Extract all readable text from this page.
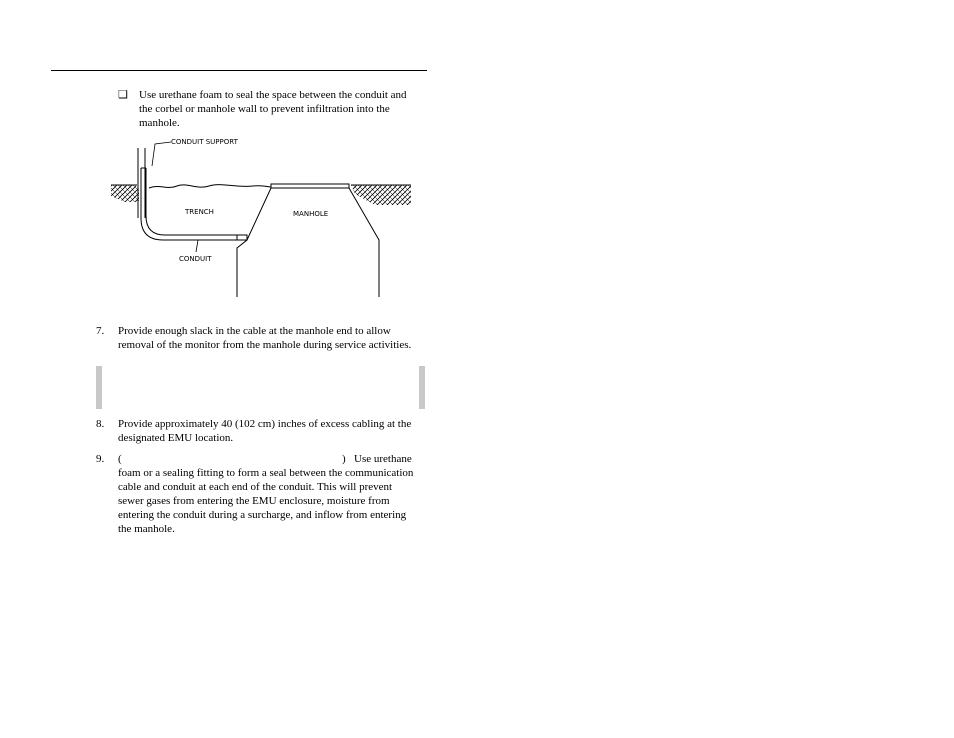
❑ Use urethane foam to seal the space between the conduit and the corbel or manhole wall to prevent infiltration into the manhole.
CONDUIT SUPPORT
TRENCH	MANHOLE
CONDUIT
7. Provide enough slack in the cable at the manhole end to allow removal of the monitor from the manhole during service activities.
8. Provide approximately 40 (102 cm) inches of excess cabling at the designated EMU location.
9. (	) Use urethane
foam or a sealing fitting to form a seal between the communication cable and conduit at each end of the conduit. This will prevent sewer gases from entering the EMU enclosure, moisture from entering the conduit during a surcharge, and inflow from entering the manhole.
